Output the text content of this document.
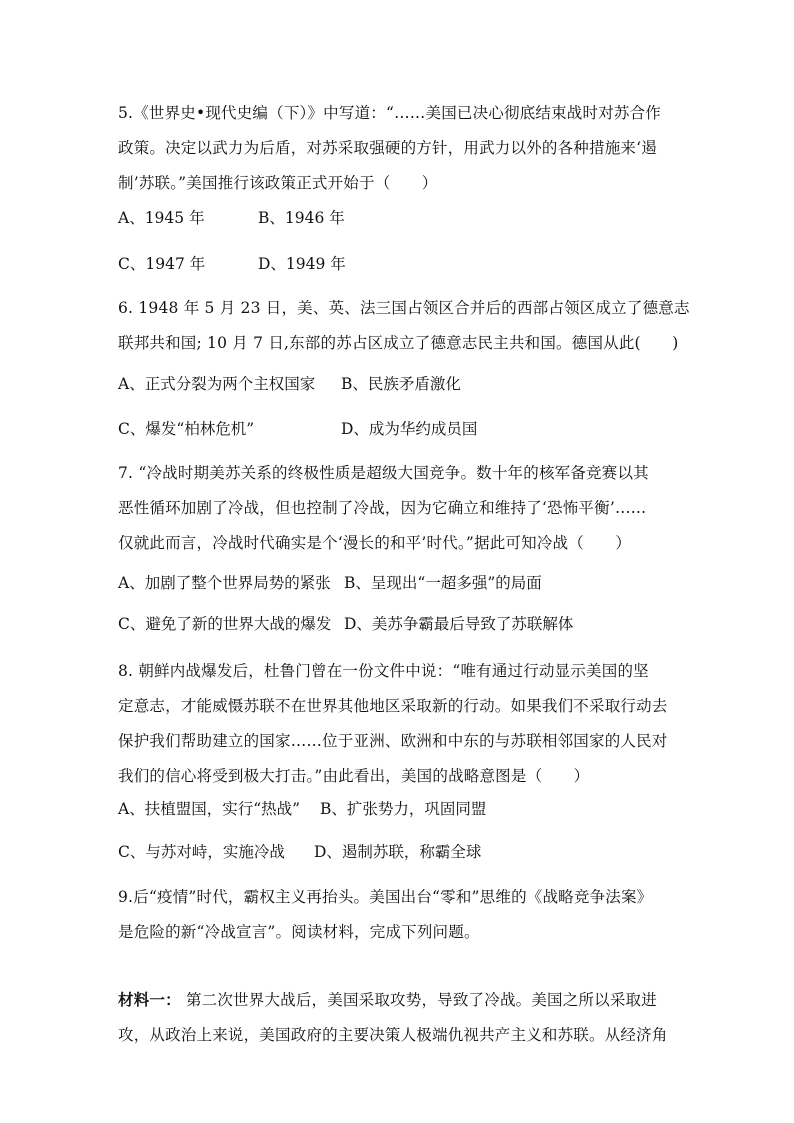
5.《世界史•现代史编（下）》中写道：“……美国已决心彻底结束战时对苏合作
政策。决定以武力为后盾，对苏采取强硬的方针，用武力以外的各种措施来‘遏
制’苏联。”美国推行该政策正式开始于（　　）
A、1945 年	B、1946 年
C、1947 年	D、1949 年
6. 1948 年 5 月 23 日，美、英、法三国占领区合并后的西部占领区成立了德意志
联邦共和国; 10 月 7 日,东部的苏占区成立了德意志民主共和国。德国从此(　　)
A、正式分裂为两个主权国家 B、民族矛盾激化
C、爆发“柏林危机”	D、成为华约成员国
7. “冷战时期美苏关系的终极性质是超级大国竞争。数十年的核军备竞赛以其
恶性循环加剧了冷战，但也控制了冷战，因为它确立和维持了‘恐怖平衡’……
仅就此而言，冷战时代确实是个‘漫长的和平’时代。”据此可知冷战（　　）
A、加剧了整个世界局势的紧张 B、呈现出“一超多强”的局面
C、避免了新的世界大战的爆发 D、美苏争霸最后导致了苏联解体
8. 朝鲜内战爆发后，杜鲁门曾在一份文件中说：“唯有通过行动显示美国的坚
定意志，才能威慑苏联不在世界其他地区采取新的行动。如果我们不采取行动去
保护我们帮助建立的国家……位于亚洲、欧洲和中东的与苏联相邻国家的人民对
我们的信心将受到极大打击。”由此看出，美国的战略意图是（　　）
A、扶植盟国，实行“热战” B、扩张势力，巩固同盟
C、与苏对峙，实施冷战 D、遏制苏联，称霸全球
9.后“疫情”时代，霸权主义再抬头。美国出台“零和”思维的《战略竞争法案》
是危险的新“冷战宣言”。阅读材料，完成下列问题。
材料一： 第二次世界大战后，美国采取攻势，导致了冷战。美国之所以采取进
攻，从政治上来说，美国政府的主要决策人极端仇视共产主义和苏联。从经济角
